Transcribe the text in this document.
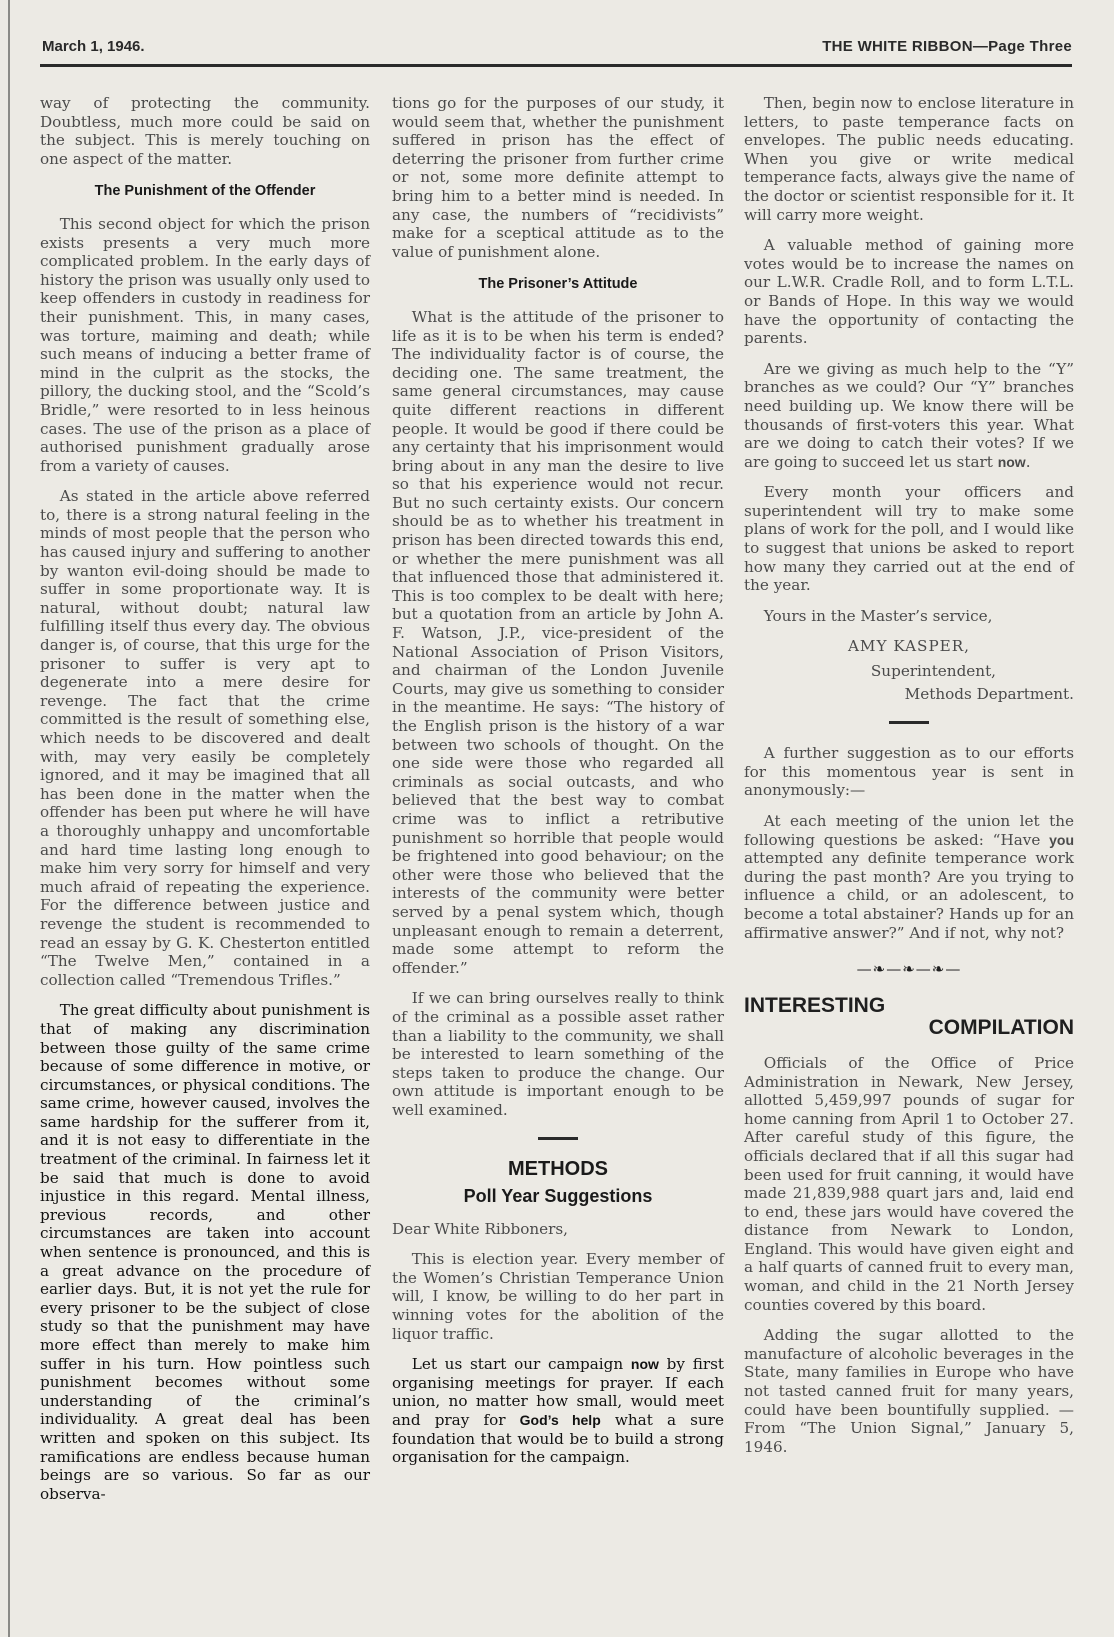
March 1, 1946.	THE WHITE RIBBON—Page Three

way of protecting the community. Doubtless, much more could be said on the subject. This is merely touching on one aspect of the matter.

The Punishment of the Offender

This second object for which the prison exists presents a very much more complicated problem. In the early days of history the prison was usually only used to keep offenders in custody in readiness for their punishment. This, in many cases, was torture, maiming and death; while such means of inducing a better frame of mind in the culprit as the stocks, the pillory, the ducking stool, and the “Scold’s Bridle,” were resorted to in less heinous cases. The use of the prison as a place of authorised punishment gradually arose from a variety of causes.

As stated in the article above referred to, there is a strong natural feeling in the minds of most people that the person who has caused injury and suffering to another by wanton evil-doing should be made to suffer in some proportionate way. It is natural, without doubt; natural law fulfilling itself thus every day. The obvious danger is, of course, that this urge for the prisoner to suffer is very apt to degenerate into a mere desire for revenge. The fact that the crime committed is the result of something else, which needs to be discovered and dealt with, may very easily be completely ignored, and it may be imagined that all has been done in the matter when the offender has been put where he will have a thoroughly unhappy and uncomfortable and hard time lasting long enough to make him very sorry for himself and very much afraid of repeating the experience. For the difference between justice and revenge the student is recommended to read an essay by G. K. Chesterton entitled “The Twelve Men,” contained in a collection called “Tremendous Trifles.”

The great difficulty about punishment is that of making any discrimination between those guilty of the same crime because of some difference in motive, or circumstances, or physical conditions. The same crime, however caused, involves the same hardship for the sufferer from it, and it is not easy to differentiate in the treatment of the criminal. In fairness let it be said that much is done to avoid injustice in this regard. Mental illness, previous records, and other circumstances are taken into account when sentence is pronounced, and this is a great advance on the procedure of earlier days. But, it is not yet the rule for every prisoner to be the subject of close study so that the punishment may have more effect than merely to make him suffer in his turn. How pointless such punishment becomes without some understanding of the criminal’s individuality. A great deal has been written and spoken on this subject. Its ramifications are endless because human beings are so various. So far as our observa-

tions go for the purposes of our study, it would seem that, whether the punishment suffered in prison has the effect of deterring the prisoner from further crime or not, some more definite attempt to bring him to a better mind is needed. In any case, the numbers of “recidivists” make for a sceptical attitude as to the value of punishment alone.

The Prisoner’s Attitude

What is the attitude of the prisoner to life as it is to be when his term is ended? The individuality factor is of course, the deciding one. The same treatment, the same general circumstances, may cause quite different reactions in different people. It would be good if there could be any certainty that his imprisonment would bring about in any man the desire to live so that his experience would not recur. But no such certainty exists. Our concern should be as to whether his treatment in prison has been directed towards this end, or whether the mere punishment was all that influenced those that administered it. This is too complex to be dealt with here; but a quotation from an article by John A. F. Watson, J.P., vice-president of the National Association of Prison Visitors, and chairman of the London Juvenile Courts, may give us something to consider in the meantime. He says: “The history of the English prison is the history of a war between two schools of thought. On the one side were those who regarded all criminals as social outcasts, and who believed that the best way to combat crime was to inflict a retributive punishment so horrible that people would be frightened into good behaviour; on the other were those who believed that the interests of the community were better served by a penal system which, though unpleasant enough to remain a deterrent, made some attempt to reform the offender.”

If we can bring ourselves really to think of the criminal as a possible asset rather than a liability to the community, we shall be interested to learn something of the steps taken to produce the change. Our own attitude is important enough to be well examined.

METHODS
Poll Year Suggestions

Dear White Ribboners,

This is election year. Every member of the Women’s Christian Temperance Union will, I know, be willing to do her part in winning votes for the abolition of the liquor traffic.

Let us start our campaign now by first organising meetings for prayer. If each union, no matter how small, would meet and pray for God’s help what a sure foundation that would be to build a strong organisation for the campaign.

Then, begin now to enclose literature in letters, to paste temperance facts on envelopes. The public needs educating. When you give or write medical temperance facts, always give the name of the doctor or scientist responsible for it. It will carry more weight.

A valuable method of gaining more votes would be to increase the names on our L.W.R. Cradle Roll, and to form L.T.L. or Bands of Hope. In this way we would have the opportunity of contacting the parents.

Are we giving as much help to the “Y” branches as we could? Our “Y” branches need building up. We know there will be thousands of first-voters this year. What are we doing to catch their votes? If we are going to succeed let us start now.

Every month your officers and superintendent will try to make some plans of work for the poll, and I would like to suggest that unions be asked to report how many they carried out at the end of the year.

Yours in the Master’s service,

AMY KASPER,
Superintendent,
Methods Department.

A further suggestion as to our efforts for this momentous year is sent in anonymously:—

At each meeting of the union let the following questions be asked: “Have you attempted any definite temperance work during the past month? Are you trying to influence a child, or an adolescent, to become a total abstainer? Hands up for an affirmative answer?” And if not, why not?

—❧—❧—❧—
INTERESTING
COMPILATION

Officials of the Office of Price Administration in Newark, New Jersey, allotted 5,459,997 pounds of sugar for home canning from April 1 to October 27. After careful study of this figure, the officials declared that if all this sugar had been used for fruit canning, it would have made 21,839,988 quart jars and, laid end to end, these jars would have covered the distance from Newark to London, England. This would have given eight and a half quarts of canned fruit to every man, woman, and child in the 21 North Jersey counties covered by this board.

Adding the sugar allotted to the manufacture of alcoholic beverages in the State, many families in Europe who have not tasted canned fruit for many years, could have been bountifully supplied. — From “The Union Signal,” January 5, 1946.
